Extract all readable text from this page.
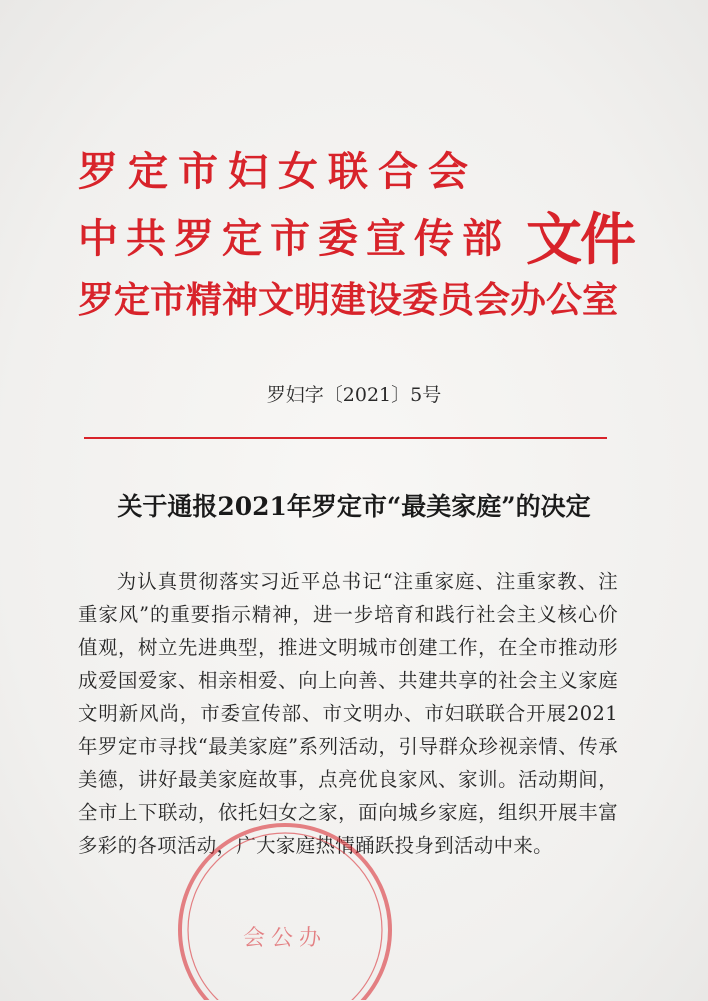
罗定市妇女联合会
中共罗定市委宣传部
罗定市精神文明建设委员会办公室
文件
罗妇字〔2021〕5号
关于通报2021年罗定市“最美家庭”的决定
为认真贯彻落实习近平总书记“注重家庭、注重家教、注重家风”的重要指示精神，进一步培育和践行社会主义核心价值观，树立先进典型，推进文明城市创建工作，在全市推动形成爱国爱家、相亲相爱、向上向善、共建共享的社会主义家庭文明新风尚，市委宣传部、市文明办、市妇联联合开展2021年罗定市寻找“最美家庭”系列活动，引导群众珍视亲情、传承美德，讲好最美家庭故事，点亮优良家风、家训。活动期间，全市上下联动，依托妇女之家，面向城乡家庭，组织开展丰富多彩的各项活动，广大家庭热情踊跃投身到活动中来。
会公办
